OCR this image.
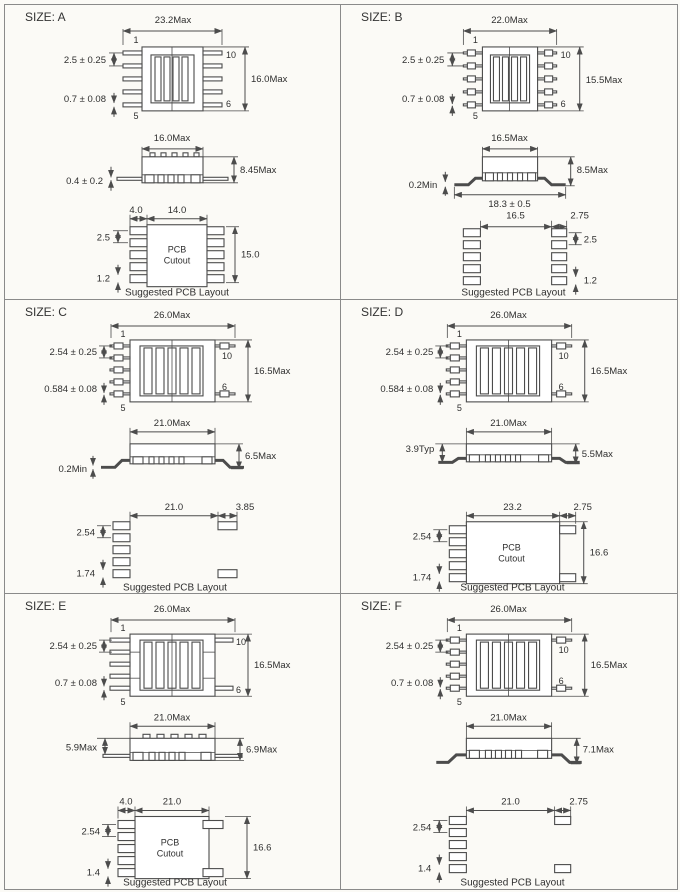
SIZE: A	23.2Max
1
10
5
6
16.0Max
2.5 ± 0.25
0.7 ± 0.08
16.0Max
8.45Max
0.4 ± 0.2
4.0	14.0
PCB
Cutout
2.5
1.2
15.0
Suggested PCB Layout
SIZE: B	22.0Max
1
10
5
6
15.5Max
2.5 ± 0.25
0.7 ± 0.08
16.5Max
0.2Min
8.5Max
18.3 ± 0.5
16.5	2.75
2.5
1.2
Suggested PCB Layout
SIZE: C	26.0Max
1
10
5
6
16.5Max
2.54 ± 0.25
0.584 ± 0.08
21.0Max
0.2Min
6.5Max
21.0	3.85
2.54
1.74
Suggested PCB Layout
SIZE: D	26.0Max
1
10
5
6
16.5Max
2.54 ± 0.25
0.584 ± 0.08
21.0Max
3.9Typ	5.5Max
23.2	2.75
PCB
Cutout
2.54
1.74
16.6
Suggested PCB Layout
SIZE: E	26.0Max
1
10
5
6
16.5Max
2.54 ± 0.25
0.7 ± 0.08
21.0Max
5.9Max	6.9Max
4.0	21.0
PCB
Cutout
2.54
1.4
16.6
Suggested PCB Layout
SIZE: F	26.0Max
1
10
5
6
16.5Max
2.54 ± 0.25
0.7 ± 0.08
21.0Max
7.1Max
21.0	2.75
2.54
1.4
Suggested PCB Layout
